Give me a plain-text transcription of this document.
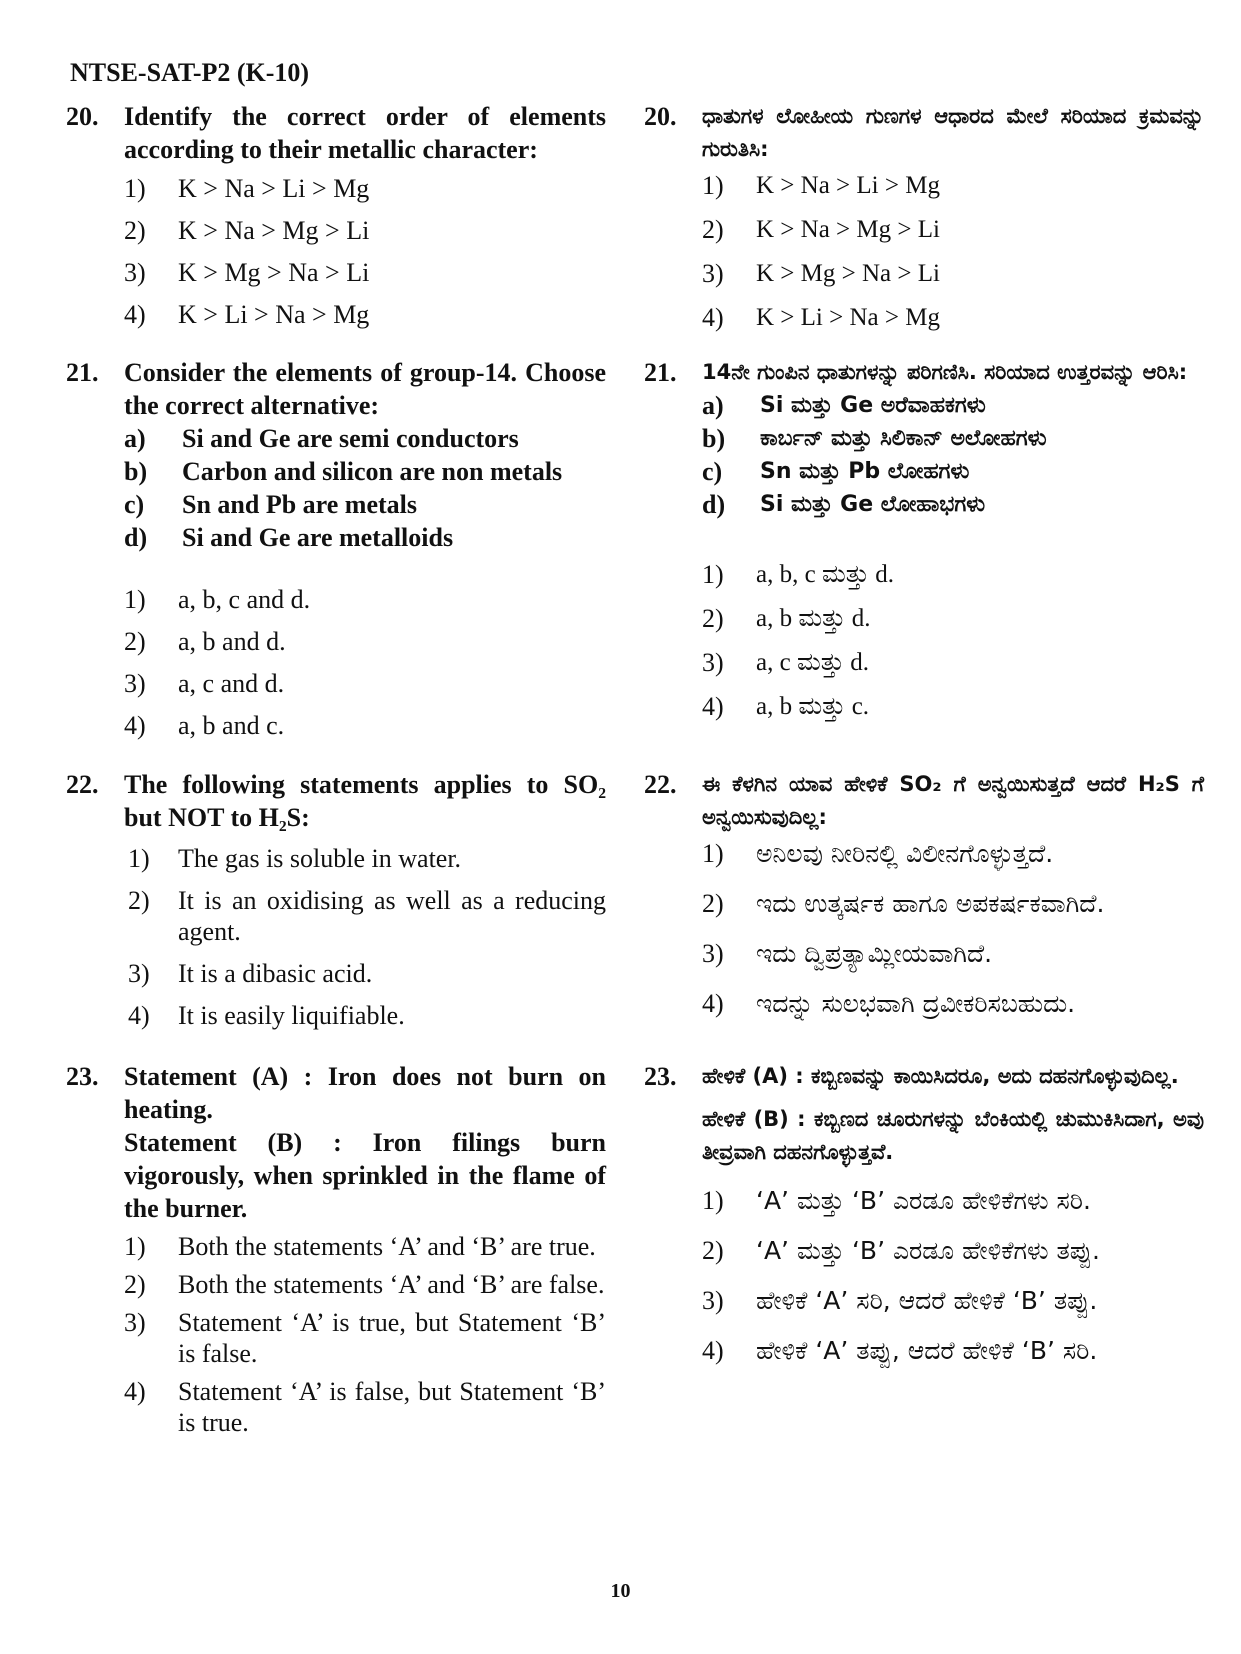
NTSE-SAT-P2 (K-10)
20. Identify the correct order of elements according to their metallic character:
1)	K > Na > Li > Mg
2)	K > Na > Mg > Li
3)	K > Mg > Na > Li
4)	K > Li > Na > Mg
21. Consider the elements of group-14. Choose the correct alternative:
a)	Si and Ge are semi conductors
b)	Carbon and silicon are non metals
c)	Sn and Pb are metals
d)	Si and Ge are metalloids
1)	a, b, c and d.
2)	a, b and d.
3)	a, c and d.
4)	a, b and c.
22. The following statements applies to SO₂ but NOT to H₂S:
1)	The gas is soluble in water.
2)	It is an oxidising as well as a reducing agent.
3)	It is a dibasic acid.
4)	It is easily liquifiable.
23. Statement (A) : Iron does not burn on heating.
Statement (B) : Iron filings burn vigorously, when sprinkled in the flame of the burner.
1)	Both the statements ‘A’ and ‘B’ are true.
2)	Both the statements ‘A’ and ‘B’ are false.
3)	Statement ‘A’ is true, but Statement ‘B’ is false.
4)	Statement ‘A’ is false, but Statement ‘B’ is true.
20.	ಧಾತುಗಳ ಲೋಹೀಯ ಗುಣಗಳ ಆಧಾರದ ಮೇಲೆ ಸರಿಯಾದ ಕ್ರಮವನ್ನು ಗುರುತಿಸಿ:
1)	K > Na > Li > Mg
2)	K > Na > Mg > Li
3)	K > Mg > Na > Li
4)	K > Li > Na > Mg
21.	14ನೇ ಗುಂಪಿನ ಧಾತುಗಳನ್ನು ಪರಿಗಣಿಸಿ. ಸರಿಯಾದ ಉತ್ತರವನ್ನು ಆರಿಸಿ:
a)	Si ಮತ್ತು Ge ಅರೆವಾಹಕಗಳು
b)	ಕಾರ್ಬನ್ ಮತ್ತು ಸಿಲಿಕಾನ್ ಅಲೋಹಗಳು
c)	Sn ಮತ್ತು Pb ಲೋಹಗಳು
d)	Si ಮತ್ತು Ge ಲೋಹಾಭಗಳು
1)	a, b, c ಮತ್ತು d.
2)	a, b ಮತ್ತು d.
3)	a, c ಮತ್ತು d.
4)	a, b ಮತ್ತು c.
22.	ಈ ಕೆಳಗಿನ ಯಾವ ಹೇಳಿಕೆ SO₂ ಗೆ ಅನ್ವಯಿಸುತ್ತದೆ ಆದರೆ H₂S ಗೆ ಅನ್ವಯಿಸುವುದಿಲ್ಲ:
1)	ಅನಿಲವು ನೀರಿನಲ್ಲಿ ವಿಲೀನಗೊಳ್ಳುತ್ತದೆ.
2)	ಇದು ಉತ್ಕರ್ಷಕ ಹಾಗೂ ಅಪಕರ್ಷಕವಾಗಿದೆ.
3)	ಇದು ದ್ವಿಪ್ರತ್ಯಾಮ್ಲೀಯವಾಗಿದೆ.
4)	ಇದನ್ನು ಸುಲಭವಾಗಿ ದ್ರವೀಕರಿಸಬಹುದು.
23.	ಹೇಳಿಕೆ (A) : ಕಬ್ಬಿಣವನ್ನು ಕಾಯಿಸಿದರೂ, ಅದು ದಹನಗೊಳ್ಳುವುದಿಲ್ಲ.
ಹೇಳಿಕೆ (B) : ಕಬ್ಬಿಣದ ಚೂರುಗಳನ್ನು ಬೆಂಕಿಯಲ್ಲಿ ಚುಮುಕಿಸಿದಾಗ, ಅವು ತೀವ್ರವಾಗಿ ದಹನಗೊಳ್ಳುತ್ತವೆ.
1)	‘A’ ಮತ್ತು ‘B’ ಎರಡೂ ಹೇಳಿಕೆಗಳು ಸರಿ.
2)	‘A’ ಮತ್ತು ‘B’ ಎರಡೂ ಹೇಳಿಕೆಗಳು ತಪ್ಪು.
3)	ಹೇಳಿಕೆ ‘A’ ಸರಿ, ಆದರೆ ಹೇಳಿಕೆ ‘B’ ತಪ್ಪು.
4)	ಹೇಳಿಕೆ ‘A’ ತಪ್ಪು, ಆದರೆ ಹೇಳಿಕೆ ‘B’ ಸರಿ.
10
